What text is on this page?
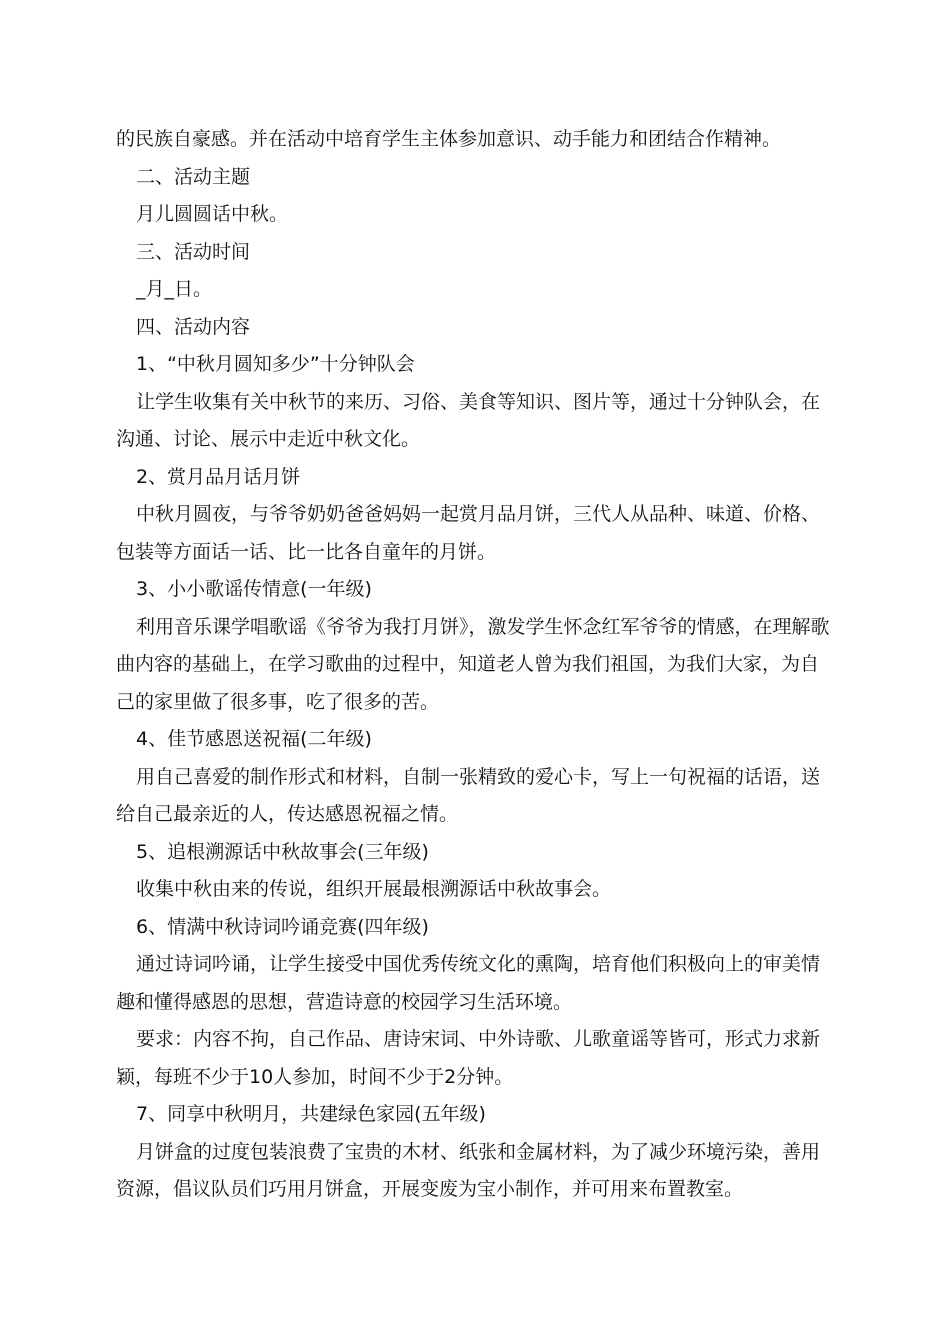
的民族自豪感。并在活动中培育学生主体参加意识、动手能力和团结合作精神。

二、活动主题

月儿圆圆话中秋。

三、活动时间

_月_日。

四、活动内容

1、“中秋月圆知多少”十分钟队会

让学生收集有关中秋节的来历、习俗、美食等知识、图片等，通过十分钟队会，在沟通、讨论、展示中走近中秋文化。

2、赏月品月话月饼

中秋月圆夜，与爷爷奶奶爸爸妈妈一起赏月品月饼，三代人从品种、味道、价格、包装等方面话一话、比一比各自童年的月饼。

3、小小歌谣传情意(一年级)

利用音乐课学唱歌谣《爷爷为我打月饼》，激发学生怀念红军爷爷的情感，在理解歌曲内容的基础上，在学习歌曲的过程中，知道老人曾为我们祖国，为我们大家，为自己的家里做了很多事，吃了很多的苦。

4、佳节感恩送祝福(二年级)

用自己喜爱的制作形式和材料，自制一张精致的爱心卡，写上一句祝福的话语，送给自己最亲近的人，传达感恩祝福之情。

5、追根溯源话中秋故事会(三年级)

收集中秋由来的传说，组织开展最根溯源话中秋故事会。

6、情满中秋诗词吟诵竞赛(四年级)

通过诗词吟诵，让学生接受中国优秀传统文化的熏陶，培育他们积极向上的审美情趣和懂得感恩的思想，营造诗意的校园学习生活环境。

要求：内容不拘，自己作品、唐诗宋词、中外诗歌、儿歌童谣等皆可，形式力求新颖，每班不少于10人参加，时间不少于2分钟。

7、同享中秋明月，共建绿色家园(五年级)

月饼盒的过度包装浪费了宝贵的木材、纸张和金属材料，为了减少环境污染，善用资源，倡议队员们巧用月饼盒，开展变废为宝小制作，并可用来布置教室。
